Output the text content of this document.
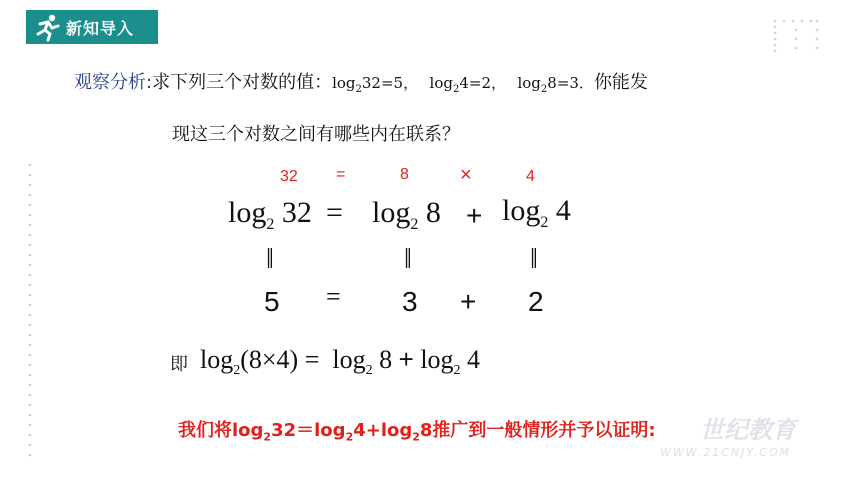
新知导入
观察分析:求下列三个对数的值：$\log_232=5$， $\log_24=2$， $\log_28=3$．你能发
现这三个对数之间有哪些内在联系？
32 =	8	×	4
$\log_2 32 = \log_2 8 + \log_2 4$
‖	‖	‖
5 = 3 + 2
即 $\log_2(8\times 4) = \log_2 8 + \log_2 4$
我们将$\log_232=\log_24+\log_28$推广到一般情形并予以证明: 世纪教育
WWW.21CNJY.COM
